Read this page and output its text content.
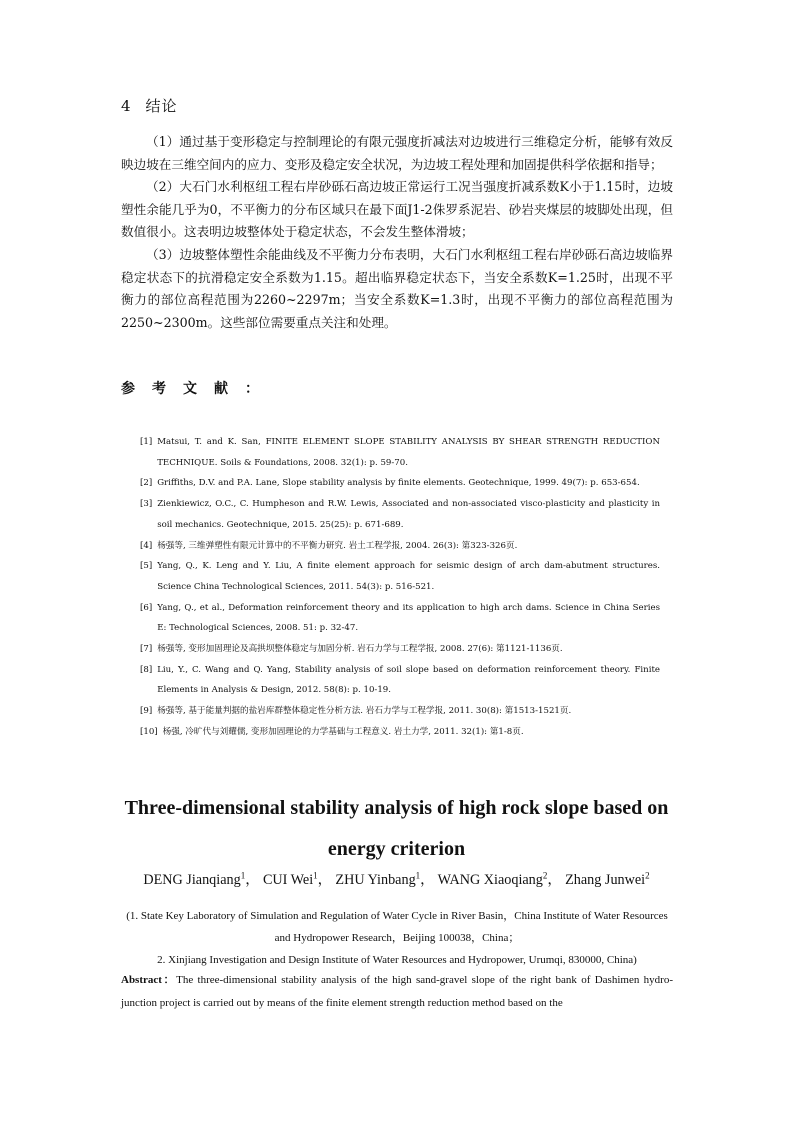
4 结论

（1）通过基于变形稳定与控制理论的有限元强度折减法对边坡进行三维稳定分析，能够有效反映边坡在三维空间内的应力、变形及稳定安全状况，为边坡工程处理和加固提供科学依据和指导；

（2）大石门水利枢纽工程右岸砂砾石高边坡正常运行工况当强度折减系数K小于1.15时，边坡塑性余能几乎为0，不平衡力的分布区域只在最下面J1-2侏罗系泥岩、砂岩夹煤层的坡脚处出现，但数值很小。这表明边坡整体处于稳定状态，不会发生整体滑坡；

（3）边坡整体塑性余能曲线及不平衡力分布表明，大石门水利枢纽工程右岸砂砾石高边坡临界稳定状态下的抗滑稳定安全系数为1.15。超出临界稳定状态下，当安全系数K=1.25时，出现不平衡力的部位高程范围为2260~2297m；当安全系数K=1.3时，出现不平衡力的部位高程范围为2250~2300m。这些部位需要重点关注和处理。

参考文献：
[1] Matsui, T. and K. San, FINITE ELEMENT SLOPE STABILITY ANALYSIS BY SHEAR STRENGTH REDUCTION TECHNIQUE. Soils & Foundations, 2008. 32(1): p. 59-70.
[2] Griffiths, D.V. and P.A. Lane, Slope stability analysis by finite elements. Geotechnique, 1999. 49(7): p. 653-654.
[3] Zienkiewicz, O.C., C. Humpheson and R.W. Lewis, Associated and non-associated visco-plasticity and plasticity in soil mechanics. Geotechnique, 2015. 25(25): p. 671-689.
[4] 杨强等, 三维弹塑性有限元计算中的不平衡力研究. 岩土工程学报, 2004. 26(3): 第323-326页.
[5] Yang, Q., K. Leng and Y. Liu, A finite element approach for seismic design of arch dam-abutment structures. Science China Technological Sciences, 2011. 54(3): p. 516-521.
[6] Yang, Q., et al., Deformation reinforcement theory and its application to high arch dams. Science in China Series E: Technological Sciences, 2008. 51: p. 32-47.
[7] 杨强等, 变形加固理论及高拱坝整体稳定与加固分析. 岩石力学与工程学报, 2008. 27(6): 第1121-1136页.
[8] Liu, Y., C. Wang and Q. Yang, Stability analysis of soil slope based on deformation reinforcement theory. Finite Elements in Analysis & Design, 2012. 58(8): p. 10-19.
[9] 杨强等, 基于能量判据的盐岩库群整体稳定性分析方法. 岩石力学与工程学报, 2011. 30(8): 第1513-1521页.
[10] 杨强, 冷旷代与刘耀儒, 变形加固理论的力学基础与工程意义. 岩土力学, 2011. 32(1): 第1-8页.
Three-dimensional stability analysis of high rock slope based on energy criterion
DENG Jianqiang$^1$， CUI Wei$^1$， ZHU Yinbang$^1$， WANG Xiaoqiang$^2$， Zhang Junwei$^2$
(1. State Key Laboratory of Simulation and Regulation of Water Cycle in River Basin，China Institute of Water Resources and Hydropower Research，Beijing 100038，China；
2. Xinjiang Investigation and Design Institute of Water Resources and Hydropower, Urumqi, 830000, China)
Abstract：The three-dimensional stability analysis of the high sand-gravel slope of the right bank of Dashimen hydro-junction project is carried out by means of the finite element strength reduction method based on the
